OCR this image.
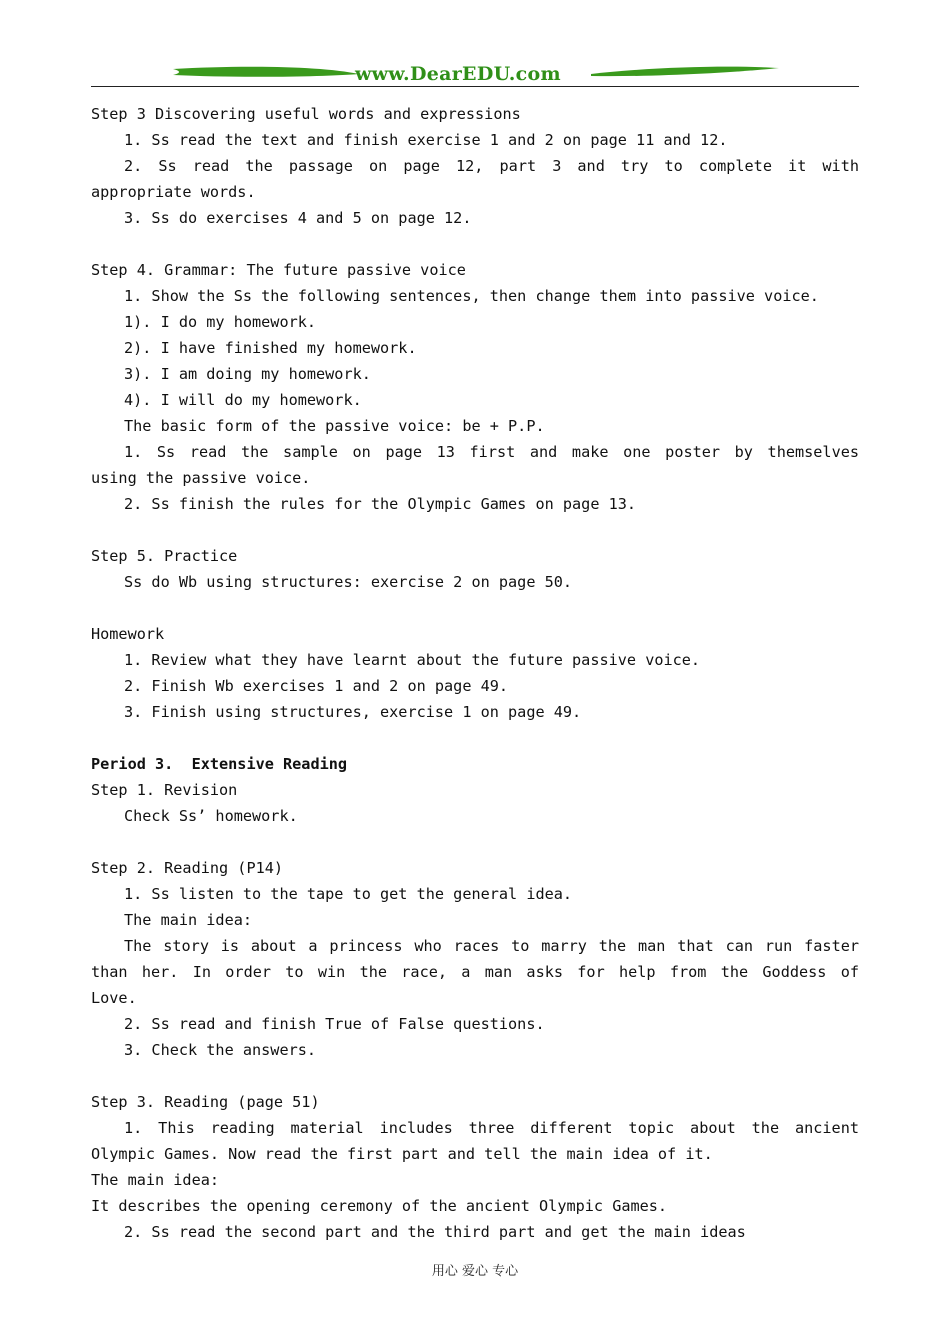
www.DearEDU.com
Step 3 Discovering useful words and expressions
1. Ss read the text and finish exercise 1 and 2 on page 11 and 12.
2. Ss read the passage on page 12, part 3 and try to complete it with
appropriate words.
3. Ss do exercises 4 and 5 on page 12.
Step 4. Grammar: The future passive voice
1. Show the Ss the following sentences, then change them into passive voice.
1). I do my homework.
2). I have finished my homework.
3). I am doing my homework.
4). I will do my homework.
The basic form of the passive voice: be + P.P.
1. Ss read the sample on page 13 first and make one poster by themselves
using the passive voice.
2. Ss finish the rules for the Olympic Games on page 13.
Step 5. Practice
Ss do Wb using structures: exercise 2 on page 50.
Homework
1. Review what they have learnt about the future passive voice.
2. Finish Wb exercises 1 and 2 on page 49.
3. Finish using structures, exercise 1 on page 49.
Period 3.  Extensive Reading
Step 1. Revision
Check Ss’ homework.
Step 2. Reading (P14)
1. Ss listen to the tape to get the general idea.
The main idea:
The story is about a princess who races to marry the man that can run faster
than her. In order to win the race, a man asks for help from the Goddess of
Love.
2. Ss read and finish True of False questions.
3. Check the answers.
Step 3. Reading (page 51)
1. This reading material includes three different topic about the ancient
Olympic Games. Now read the first part and tell the main idea of it.
The main idea:
It describes the opening ceremony of the ancient Olympic Games.
2. Ss read the second part and the third part and get the main ideas
用心 爱心 专心
